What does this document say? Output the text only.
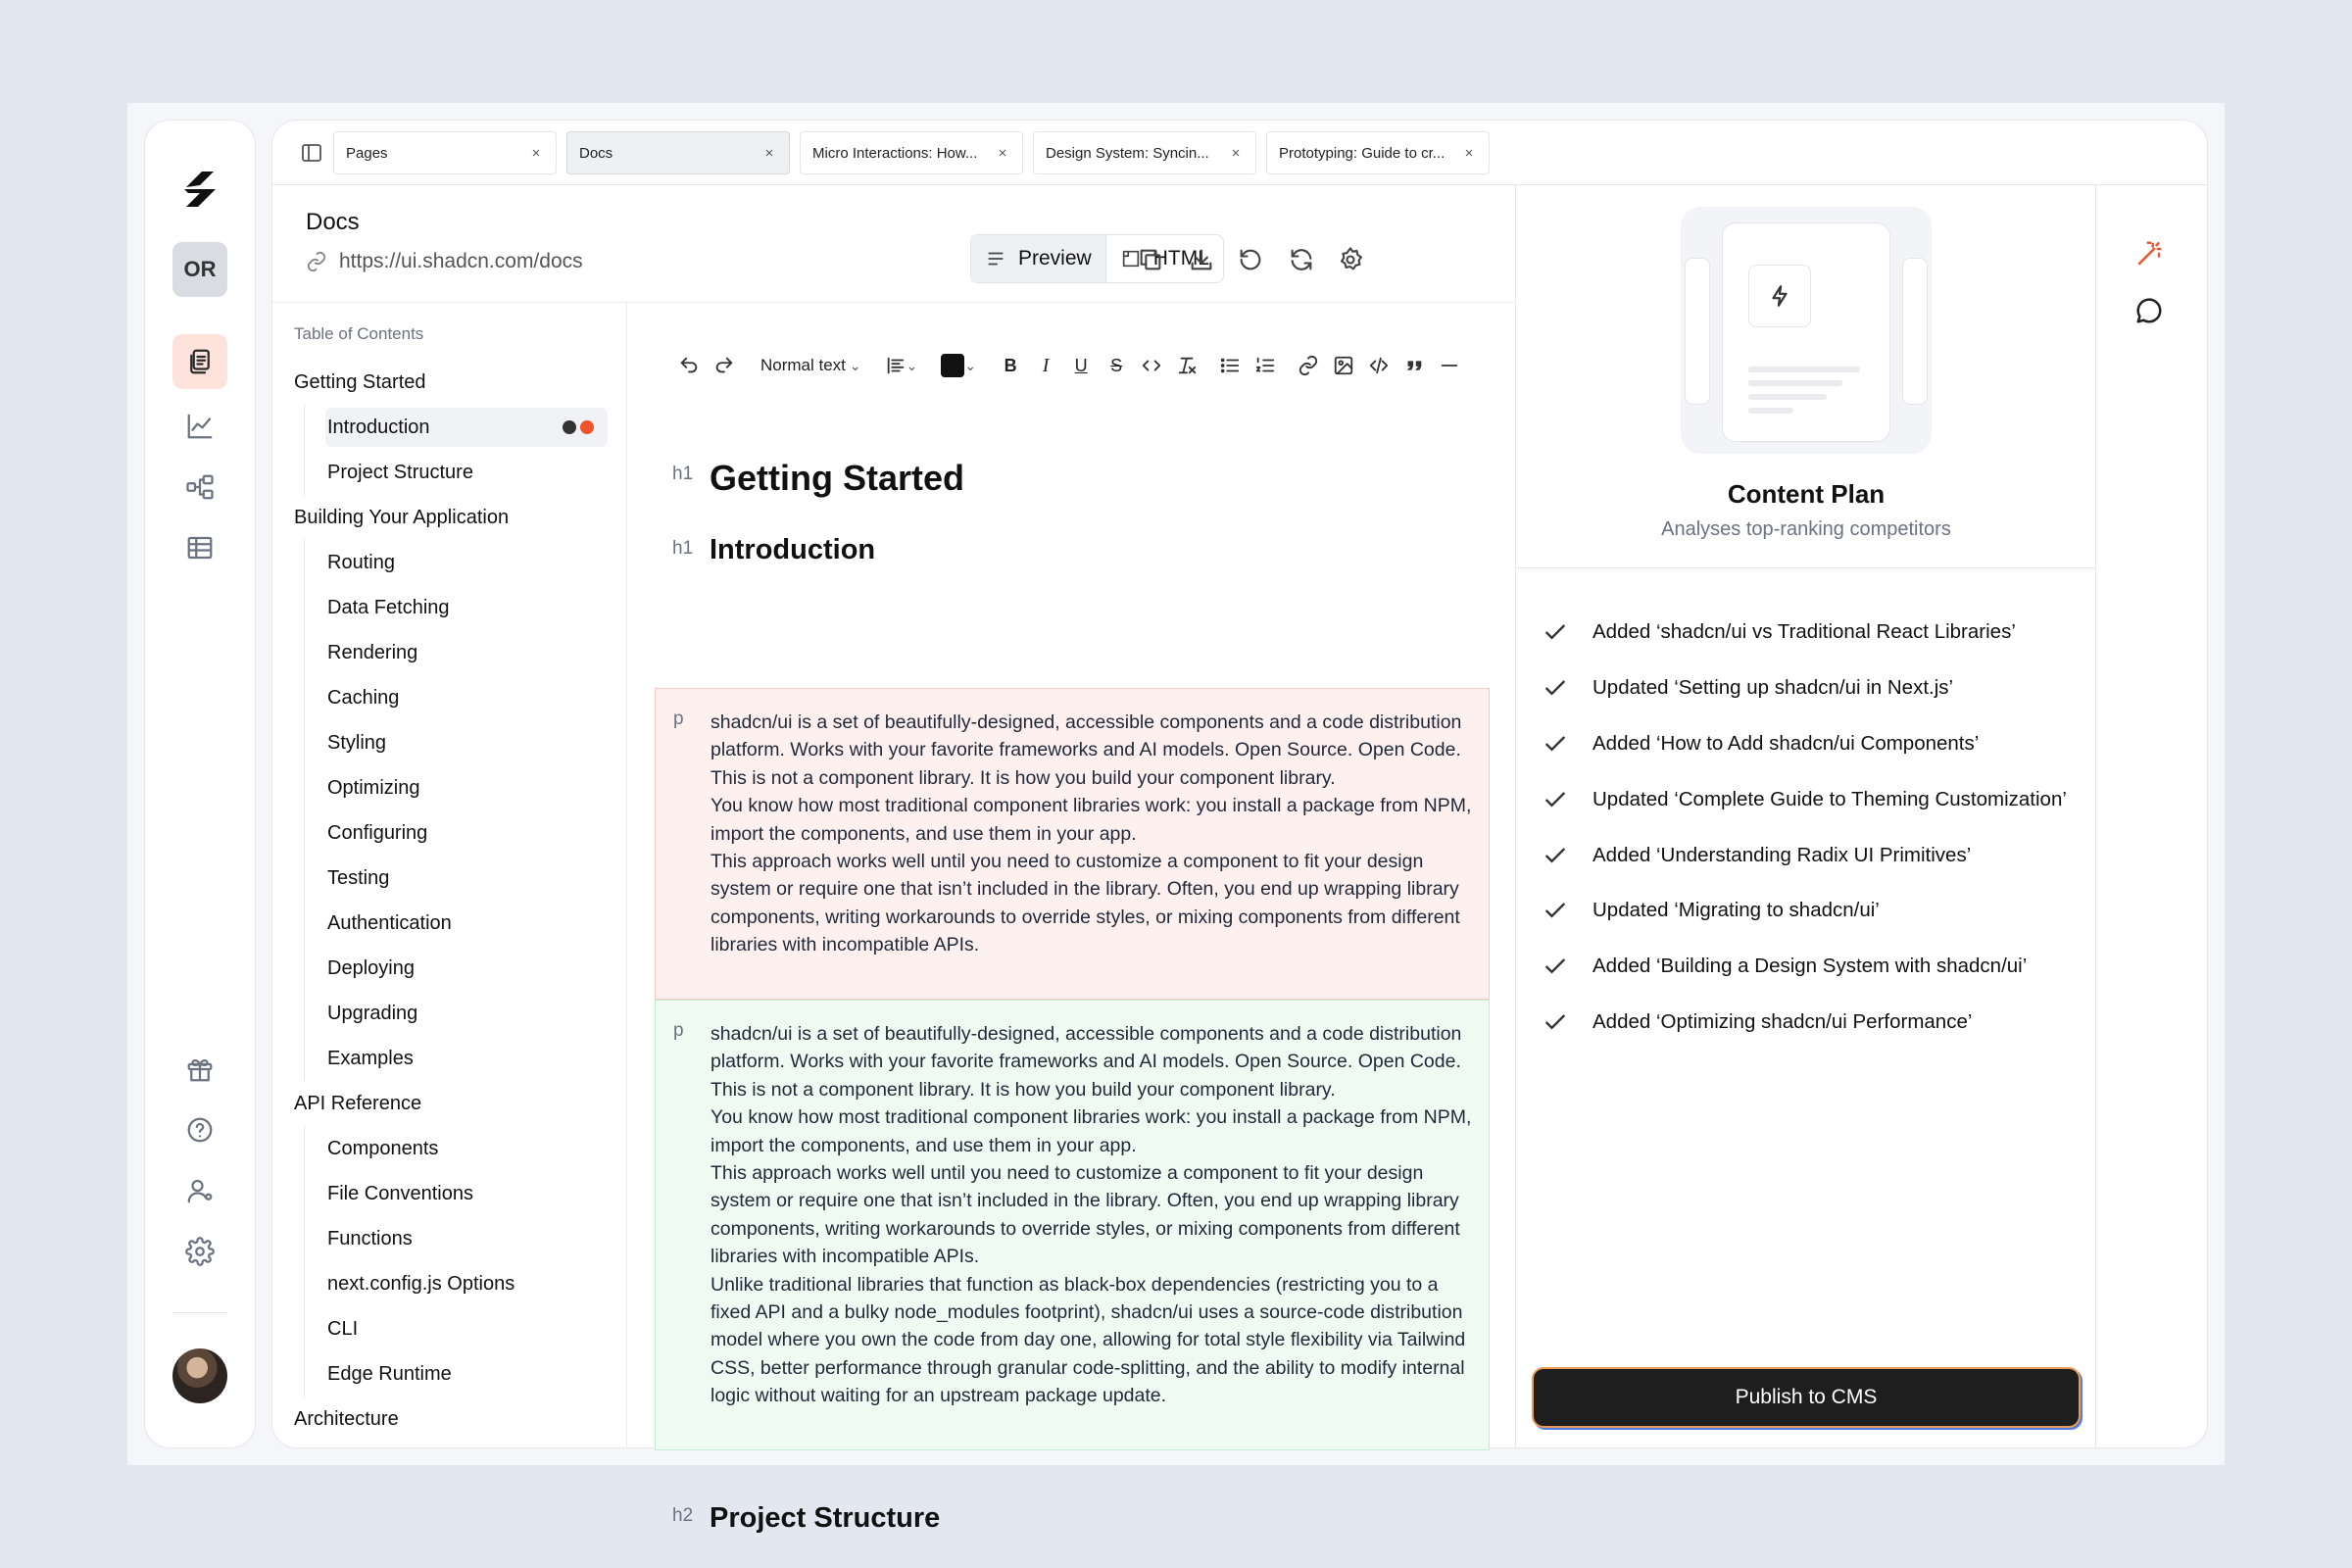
OR
Pages	×	Docs	×	Micro Interactions: How...	×	Design System: Syncin...	×	Prototyping: Guide to cr...	×
Docs
https://ui.shadcn.com/docs	Preview	HTML
Table of Contents
Getting Started
Introduction
Project Structure
Building Your Application
Routing
Data Fetching
Rendering
Caching
Styling
Optimizing
Configuring
Testing
Authentication
Deploying
Upgrading
Examples
API Reference
Components
File Conventions
Functions
next.config.js Options
CLI
Edge Runtime
Architecture
Normal text ⌄	⌄	⌄ B	I	U S
h1 Getting Started
h1 Introduction
p shadcn/ui is a set of beautifully-designed, accessible components and a code distribution platform. Works with your favorite frameworks and AI models. Open Source. Open Code.

This is not a component library. It is how you build your component library.

You know how most traditional component libraries work: you install a package from NPM, import the components, and use them in your app.

This approach works well until you need to customize a component to fit your design system or require one that isn’t included in the library. Often, you end up wrapping library components, writing workarounds to override styles, or mixing components from different libraries with incompatible APIs.

p shadcn/ui is a set of beautifully-designed, accessible components and a code distribution platform. Works with your favorite frameworks and AI models. Open Source. Open Code.

This is not a component library. It is how you build your component library.

You know how most traditional component libraries work: you install a package from NPM, import the components, and use them in your app.

This approach works well until you need to customize a component to fit your design system or require one that isn’t included in the library. Often, you end up wrapping library components, writing workarounds to override styles, or mixing components from different libraries with incompatible APIs.

Unlike traditional libraries that function as black-box dependencies (restricting you to a fixed API and a bulky node_modules footprint), shadcn/ui uses a source-code distribution model where you own the code from day one, allowing for total style flexibility via Tailwind CSS, better performance through granular code-splitting, and the ability to modify internal logic without waiting for an upstream package update.

h2 Project Structure
Content Plan
Analyses top-ranking competitors
Added ‘shadcn/ui vs Traditional React Libraries’
Updated ‘Setting up shadcn/ui in Next.js’
Added ‘How to Add shadcn/ui Components’
Updated ‘Complete Guide to Theming Customization’
Added ‘Understanding Radix UI Primitives’
Updated ‘Migrating to shadcn/ui’
Added ‘Building a Design System with shadcn/ui’
Added ‘Optimizing shadcn/ui Performance’
Publish to CMS
